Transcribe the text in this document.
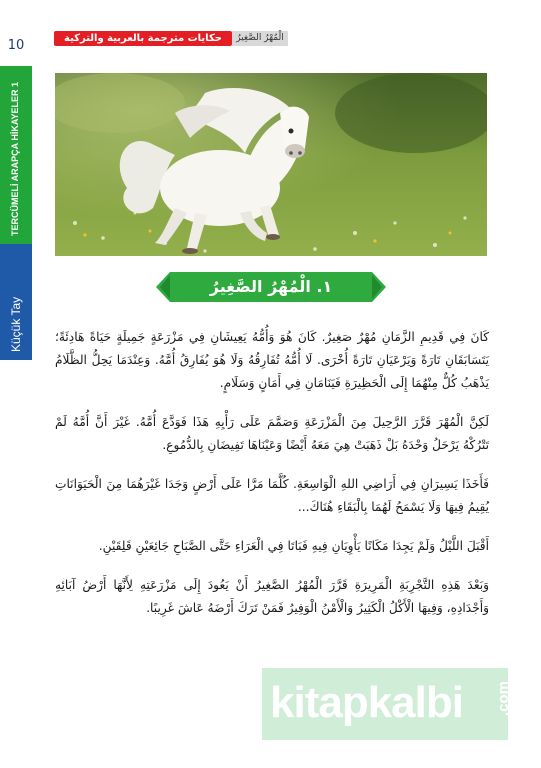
10
TERCÜMELİ ARAPÇA HİKAYELER 1
Küçük Tay
حكايات مترجمة بالعربية والتركية	الْمُهْرُ الصَّغِيرُ
١. الْمُهْرُ الصَّغِيرُ

كَانَ فِي قَدِيمِ الزَّمَانِ مُهْرٌ صَغِيرٌ. كَانَ هُوَ وَأُمُّهُ يَعِيشَانِ فِي مَزْرَعَةٍ جَمِيلَةٍ حَيَاةً هَادِئَةً؛ يَتَسَابَقَانِ تَارَةً وَيَرْعَيَانِ تَارَةً أُخْرَى. لَا أُمُّهُ تُفَارِقُهُ وَلَا هُوَ يُفَارِقُ أُمَّهُ. وَعِنْدَمَا يَحِلُّ الظَّلَامُ يَذْهَبُ كُلٌّ مِنْهُمَا إِلَى الْحَظِيرَةِ فَيَنَامَانِ فِي أَمَانٍ وَسَلَامٍ.

لَكِنَّ الْمُهْرَ قَرَّرَ الرَّحِيلَ مِنَ الْمَزْرَعَةِ وَصَمَّمَ عَلَى رَأْيِهِ هَذَا فَوَدَّعَ أُمَّهُ. غَيْرَ أَنَّ أُمَّهُ لَمْ تَتْرُكْهُ يَرْحَلُ وَحْدَهُ بَلْ ذَهَبَتْ هِيَ مَعَهُ أَيْضًا وَعَيْنَاهَا تَفِيضَانِ بِالدُّمُوعِ.

فَأَخَذَا يَسِيرَانِ فِي أَرَاضِي اللهِ الْوَاسِعَةِ. كُلَّمَا مَرَّا عَلَى أَرْضٍ وَجَدَا غَيْرَهُمَا مِنَ الْحَيَوَانَاتِ يُقِيمُ فِيهَا وَلَا يَسْمَحُ لَهُمَا بِالْبَقَاءِ هُنَاكَ...

أَقْبَلَ اللَّيْلُ وَلَمْ يَجِدَا مَكَانًا يَأْوِيَانِ فِيهِ فَبَاتَا فِي الْعَرَاءِ حَتَّى الصَّبَاحِ جَائِعَيْنِ قَلِقَيْنِ.

وَبَعْدَ هَذِهِ التَّجْرِبَةِ الْمَرِيرَةِ قَرَّرَ الْمُهْرُ الصَّغِيرُ أَنْ يَعُودَ إِلَى مَزْرَعَتِهِ لِأَنَّهَا أَرْضُ آبَائِهِ وَأَجْدَادِهِ، وَفِيهَا الْأَكْلُ الْكَثِيرُ وَالْأَمْنُ الْوَفِيرُ فَمَنْ تَرَكَ أَرْضَهُ عَاشَ غَرِيبًا.

kitapkalbi .com
